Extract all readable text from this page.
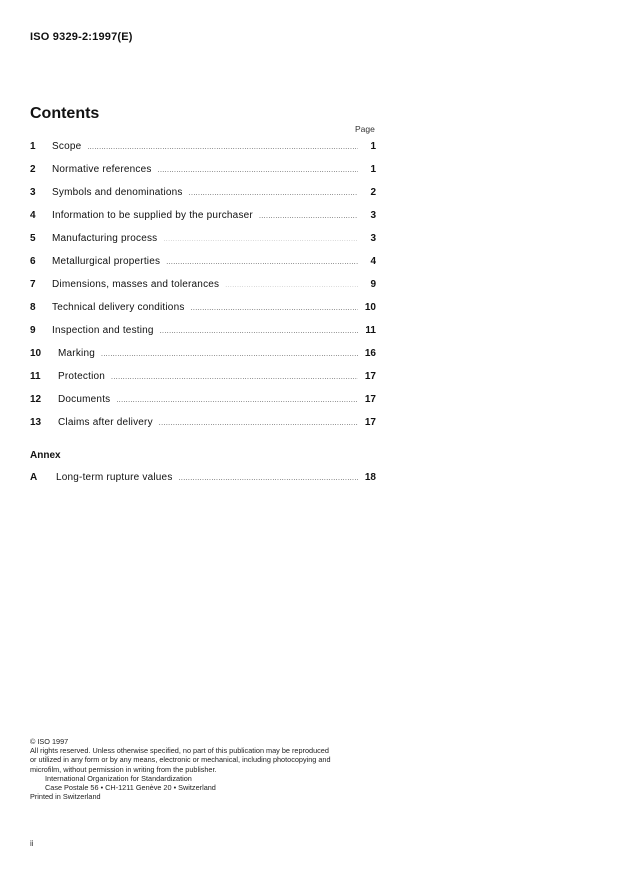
ISO 9329-2:1997(E)
Contents
Page
1	Scope .....	1
2	Normative references .....	1
3	Symbols and denominations .....	2
4	Information to be supplied by the purchaser .....	3
5	Manufacturing process .....	3
6	Metallurgical properties .....	4
7	Dimensions, masses and tolerances .....	9
8	Technical delivery conditions .....	10
9	Inspection and testing .....	11
10	Marking .....	16
11	Protection .....	17
12	Documents .....	17
13	Claims after delivery .....	17
Annex
A	Long-term rupture values .....	18
© ISO 1997
All rights reserved. Unless otherwise specified, no part of this publication may be reproduced
or utilized in any form or by any means, electronic or mechanical, including photocopying and
microfilm, without permission in writing from the publisher.
International Organization for Standardization
Case Postale 56 • CH-1211 Genève 20 • Switzerland
Printed in Switzerland
ii
